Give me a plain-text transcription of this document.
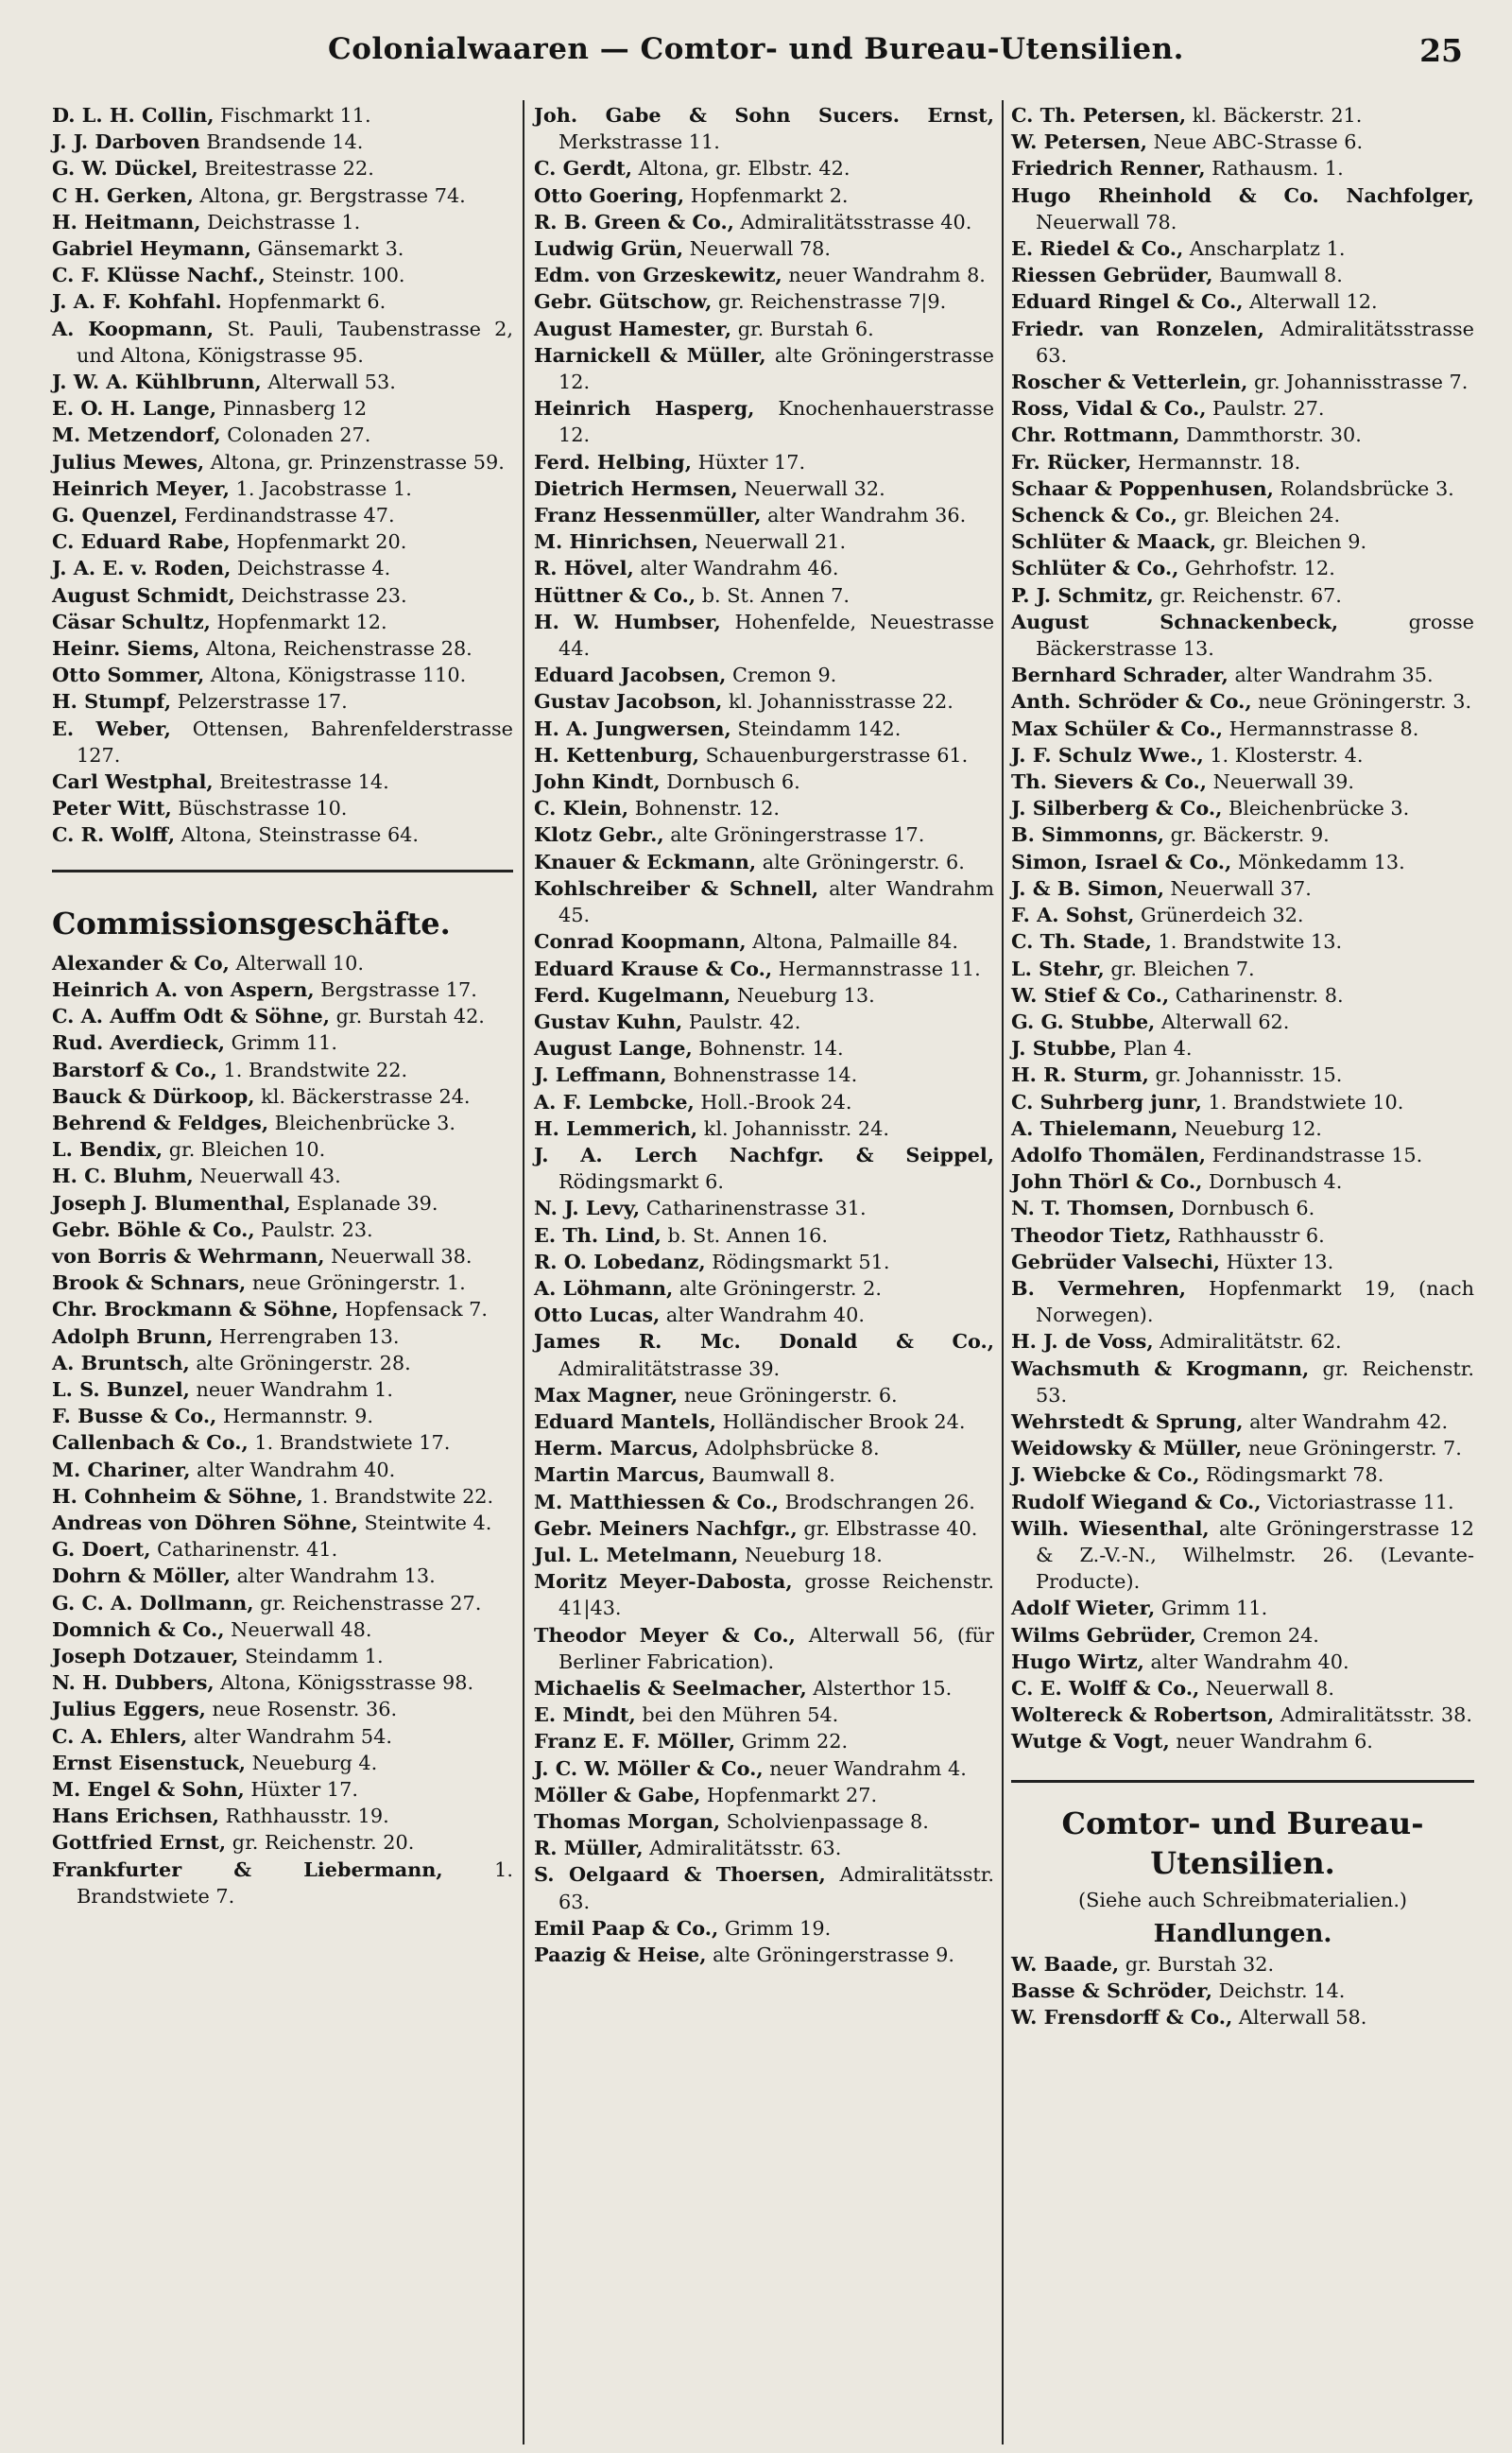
Colonialwaaren — Comtor- und Bureau-Utensilien.	25

D. L. H. Collin, Fischmarkt 11.

J. J. Darboven Brandsende 14.

G. W. Dückel, Breitestrasse 22.

C H. Gerken, Altona, gr. Bergstrasse 74.

H. Heitmann, Deichstrasse 1.

Gabriel Heymann, Gänsemarkt 3.

C. F. Klüsse Nachf., Steinstr. 100.

J. A. F. Kohfahl. Hopfenmarkt 6.

A. Koopmann, St. Pauli, Taubenstrasse 2, und Altona, Königstrasse 95.

J. W. A. Kühlbrunn, Alterwall 53.

E. O. H. Lange, Pinnasberg 12

M. Metzendorf, Colonaden 27.

Julius Mewes, Altona, gr. Prinzenstrasse 59.

Heinrich Meyer, 1. Jacobstrasse 1.

G. Quenzel, Ferdinandstrasse 47.

C. Eduard Rabe, Hopfenmarkt 20.

J. A. E. v. Roden, Deichstrasse 4.

August Schmidt, Deichstrasse 23.

Cäsar Schultz, Hopfenmarkt 12.

Heinr. Siems, Altona, Reichenstrasse 28.

Otto Sommer, Altona, Königstrasse 110.

H. Stumpf, Pelzerstrasse 17.

E. Weber, Ottensen, Bahrenfelderstrasse 127.

Carl Westphal, Breitestrasse 14.

Peter Witt, Büschstrasse 10.

C. R. Wolff, Altona, Steinstrasse 64.

Commissionsgeschäfte.

Alexander & Co, Alterwall 10.

Heinrich A. von Aspern, Bergstrasse 17.

C. A. Auffm Odt & Söhne, gr. Burstah 42.

Rud. Averdieck, Grimm 11.

Barstorf & Co., 1. Brandstwite 22.

Bauck & Dürkoop, kl. Bäckerstrasse 24.

Behrend & Feldges, Bleichenbrücke 3.

L. Bendix, gr. Bleichen 10.

H. C. Bluhm, Neuerwall 43.

Joseph J. Blumenthal, Esplanade 39.

Gebr. Böhle & Co., Paulstr. 23.

von Borris & Wehrmann, Neuerwall 38.

Brook & Schnars, neue Gröningerstr. 1.

Chr. Brockmann & Söhne, Hopfensack 7.

Adolph Brunn, Herrengraben 13.

A. Bruntsch, alte Gröningerstr. 28.

L. S. Bunzel, neuer Wandrahm 1.

F. Busse & Co., Hermannstr. 9.

Callenbach & Co., 1. Brandstwiete 17.

M. Chariner, alter Wandrahm 40.

H. Cohnheim & Söhne, 1. Brandstwite 22.

Andreas von Döhren Söhne, Steintwite 4.

G. Doert, Catharinenstr. 41.

Dohrn & Möller, alter Wandrahm 13.

G. C. A. Dollmann, gr. Reichenstrasse 27.

Domnich & Co., Neuerwall 48.

Joseph Dotzauer, Steindamm 1.

N. H. Dubbers, Altona, Königsstrasse 98.

Julius Eggers, neue Rosenstr. 36.

C. A. Ehlers, alter Wandrahm 54.

Ernst Eisenstuck, Neueburg 4.

M. Engel & Sohn, Hüxter 17.

Hans Erichsen, Rathhausstr. 19.

Gottfried Ernst, gr. Reichenstr. 20.

Frankfurter & Liebermann, 1. Brandstwiete 7.

Joh. Gabe & Sohn Sucers. Ernst, Merkstrasse 11.

C. Gerdt, Altona, gr. Elbstr. 42.

Otto Goering, Hopfenmarkt 2.

R. B. Green & Co., Admiralitätsstrasse 40.

Ludwig Grün, Neuerwall 78.

Edm. von Grzeskewitz, neuer Wandrahm 8.

Gebr. Gütschow, gr. Reichenstrasse 7|9.

August Hamester, gr. Burstah 6.

Harnickell & Müller, alte Gröningerstrasse 12.

Heinrich Hasperg, Knochenhauerstrasse 12.

Ferd. Helbing, Hüxter 17.

Dietrich Hermsen, Neuerwall 32.

Franz Hessenmüller, alter Wandrahm 36.

M. Hinrichsen, Neuerwall 21.

R. Hövel, alter Wandrahm 46.

Hüttner & Co., b. St. Annen 7.

H. W. Humbser, Hohenfelde, Neuestrasse 44.

Eduard Jacobsen, Cremon 9.

Gustav Jacobson, kl. Johannisstrasse 22.

H. A. Jungwersen, Steindamm 142.

H. Kettenburg, Schauenburgerstrasse 61.

John Kindt, Dornbusch 6.

C. Klein, Bohnenstr. 12.

Klotz Gebr., alte Gröningerstrasse 17.

Knauer & Eckmann, alte Gröningerstr. 6.

Kohlschreiber & Schnell, alter Wandrahm 45.

Conrad Koopmann, Altona, Palmaille 84.

Eduard Krause & Co., Hermannstrasse 11.

Ferd. Kugelmann, Neueburg 13.

Gustav Kuhn, Paulstr. 42.

August Lange, Bohnenstr. 14.

J. Leffmann, Bohnenstrasse 14.

A. F. Lembcke, Holl.-Brook 24.

H. Lemmerich, kl. Johannisstr. 24.

J. A. Lerch Nachfgr. & Seippel, Rödingsmarkt 6.

N. J. Levy, Catharinenstrasse 31.

E. Th. Lind, b. St. Annen 16.

R. O. Lobedanz, Rödingsmarkt 51.

A. Löhmann, alte Gröningerstr. 2.

Otto Lucas, alter Wandrahm 40.

James R. Mc. Donald & Co., Admiralitätstrasse 39.

Max Magner, neue Gröningerstr. 6.

Eduard Mantels, Holländischer Brook 24.

Herm. Marcus, Adolphsbrücke 8.

Martin Marcus, Baumwall 8.

M. Matthiessen & Co., Brodschrangen 26.

Gebr. Meiners Nachfgr., gr. Elbstrasse 40.

Jul. L. Metelmann, Neueburg 18.

Moritz Meyer-Dabosta, grosse Reichenstr. 41|43.

Theodor Meyer & Co., Alterwall 56, (für Berliner Fabrication).

Michaelis & Seelmacher, Alsterthor 15.

E. Mindt, bei den Mühren 54.

Franz E. F. Möller, Grimm 22.

J. C. W. Möller & Co., neuer Wandrahm 4.

Möller & Gabe, Hopfenmarkt 27.

Thomas Morgan, Scholvienpassage 8.

R. Müller, Admiralitätsstr. 63.

S. Oelgaard & Thoersen, Admiralitätsstr. 63.

Emil Paap & Co., Grimm 19.

Paazig & Heise, alte Gröningerstrasse 9.

C. Th. Petersen, kl. Bäckerstr. 21.

W. Petersen, Neue ABC-Strasse 6.

Friedrich Renner, Rathausm. 1.

Hugo Rheinhold & Co. Nachfolger, Neuerwall 78.

E. Riedel & Co., Anscharplatz 1.

Riessen Gebrüder, Baumwall 8.

Eduard Ringel & Co., Alterwall 12.

Friedr. van Ronzelen, Admiralitätsstrasse 63.

Roscher & Vetterlein, gr. Johannisstrasse 7.

Ross, Vidal & Co., Paulstr. 27.

Chr. Rottmann, Dammthorstr. 30.

Fr. Rücker, Hermannstr. 18.

Schaar & Poppenhusen, Rolandsbrücke 3.

Schenck & Co., gr. Bleichen 24.

Schlüter & Maack, gr. Bleichen 9.

Schlüter & Co., Gehrhofstr. 12.

P. J. Schmitz, gr. Reichenstr. 67.

August Schnackenbeck, grosse Bäckerstrasse 13.

Bernhard Schrader, alter Wandrahm 35.

Anth. Schröder & Co., neue Gröningerstr. 3.

Max Schüler & Co., Hermannstrasse 8.

J. F. Schulz Wwe., 1. Klosterstr. 4.

Th. Sievers & Co., Neuerwall 39.

J. Silberberg & Co., Bleichenbrücke 3.

B. Simmonns, gr. Bäckerstr. 9.

Simon, Israel & Co., Mönkedamm 13.

J. & B. Simon, Neuerwall 37.

F. A. Sohst, Grünerdeich 32.

C. Th. Stade, 1. Brandstwite 13.

L. Stehr, gr. Bleichen 7.

W. Stief & Co., Catharinenstr. 8.

G. G. Stubbe, Alterwall 62.

J. Stubbe, Plan 4.

H. R. Sturm, gr. Johannisstr. 15.

C. Suhrberg junr, 1. Brandstwiete 10.

A. Thielemann, Neueburg 12.

Adolfo Thomälen, Ferdinandstrasse 15.

John Thörl & Co., Dornbusch 4.

N. T. Thomsen, Dornbusch 6.

Theodor Tietz, Rathhausstr 6.

Gebrüder Valsechi, Hüxter 13.

B. Vermehren, Hopfenmarkt 19, (nach Norwegen).

H. J. de Voss, Admiralitätstr. 62.

Wachsmuth & Krogmann, gr. Reichenstr. 53.

Wehrstedt & Sprung, alter Wandrahm 42.

Weidowsky & Müller, neue Gröningerstr. 7.

J. Wiebcke & Co., Rödingsmarkt 78.

Rudolf Wiegand & Co., Victoriastrasse 11.

Wilh. Wiesenthal, alte Gröningerstrasse 12 & Z.-V.-N., Wilhelmstr. 26. (Levante-Producte).

Adolf Wieter, Grimm 11.

Wilms Gebrüder, Cremon 24.

Hugo Wirtz, alter Wandrahm 40.

C. E. Wolff & Co., Neuerwall 8.

Woltereck & Robertson, Admiralitätsstr. 38.

Wutge & Vogt, neuer Wandrahm 6.

Comtor- und Bureau-
Utensilien.
(Siehe auch Schreibmaterialien.)
Handlungen.

W. Baade, gr. Burstah 32.

Basse & Schröder, Deichstr. 14.

W. Frensdorff & Co., Alterwall 58.
